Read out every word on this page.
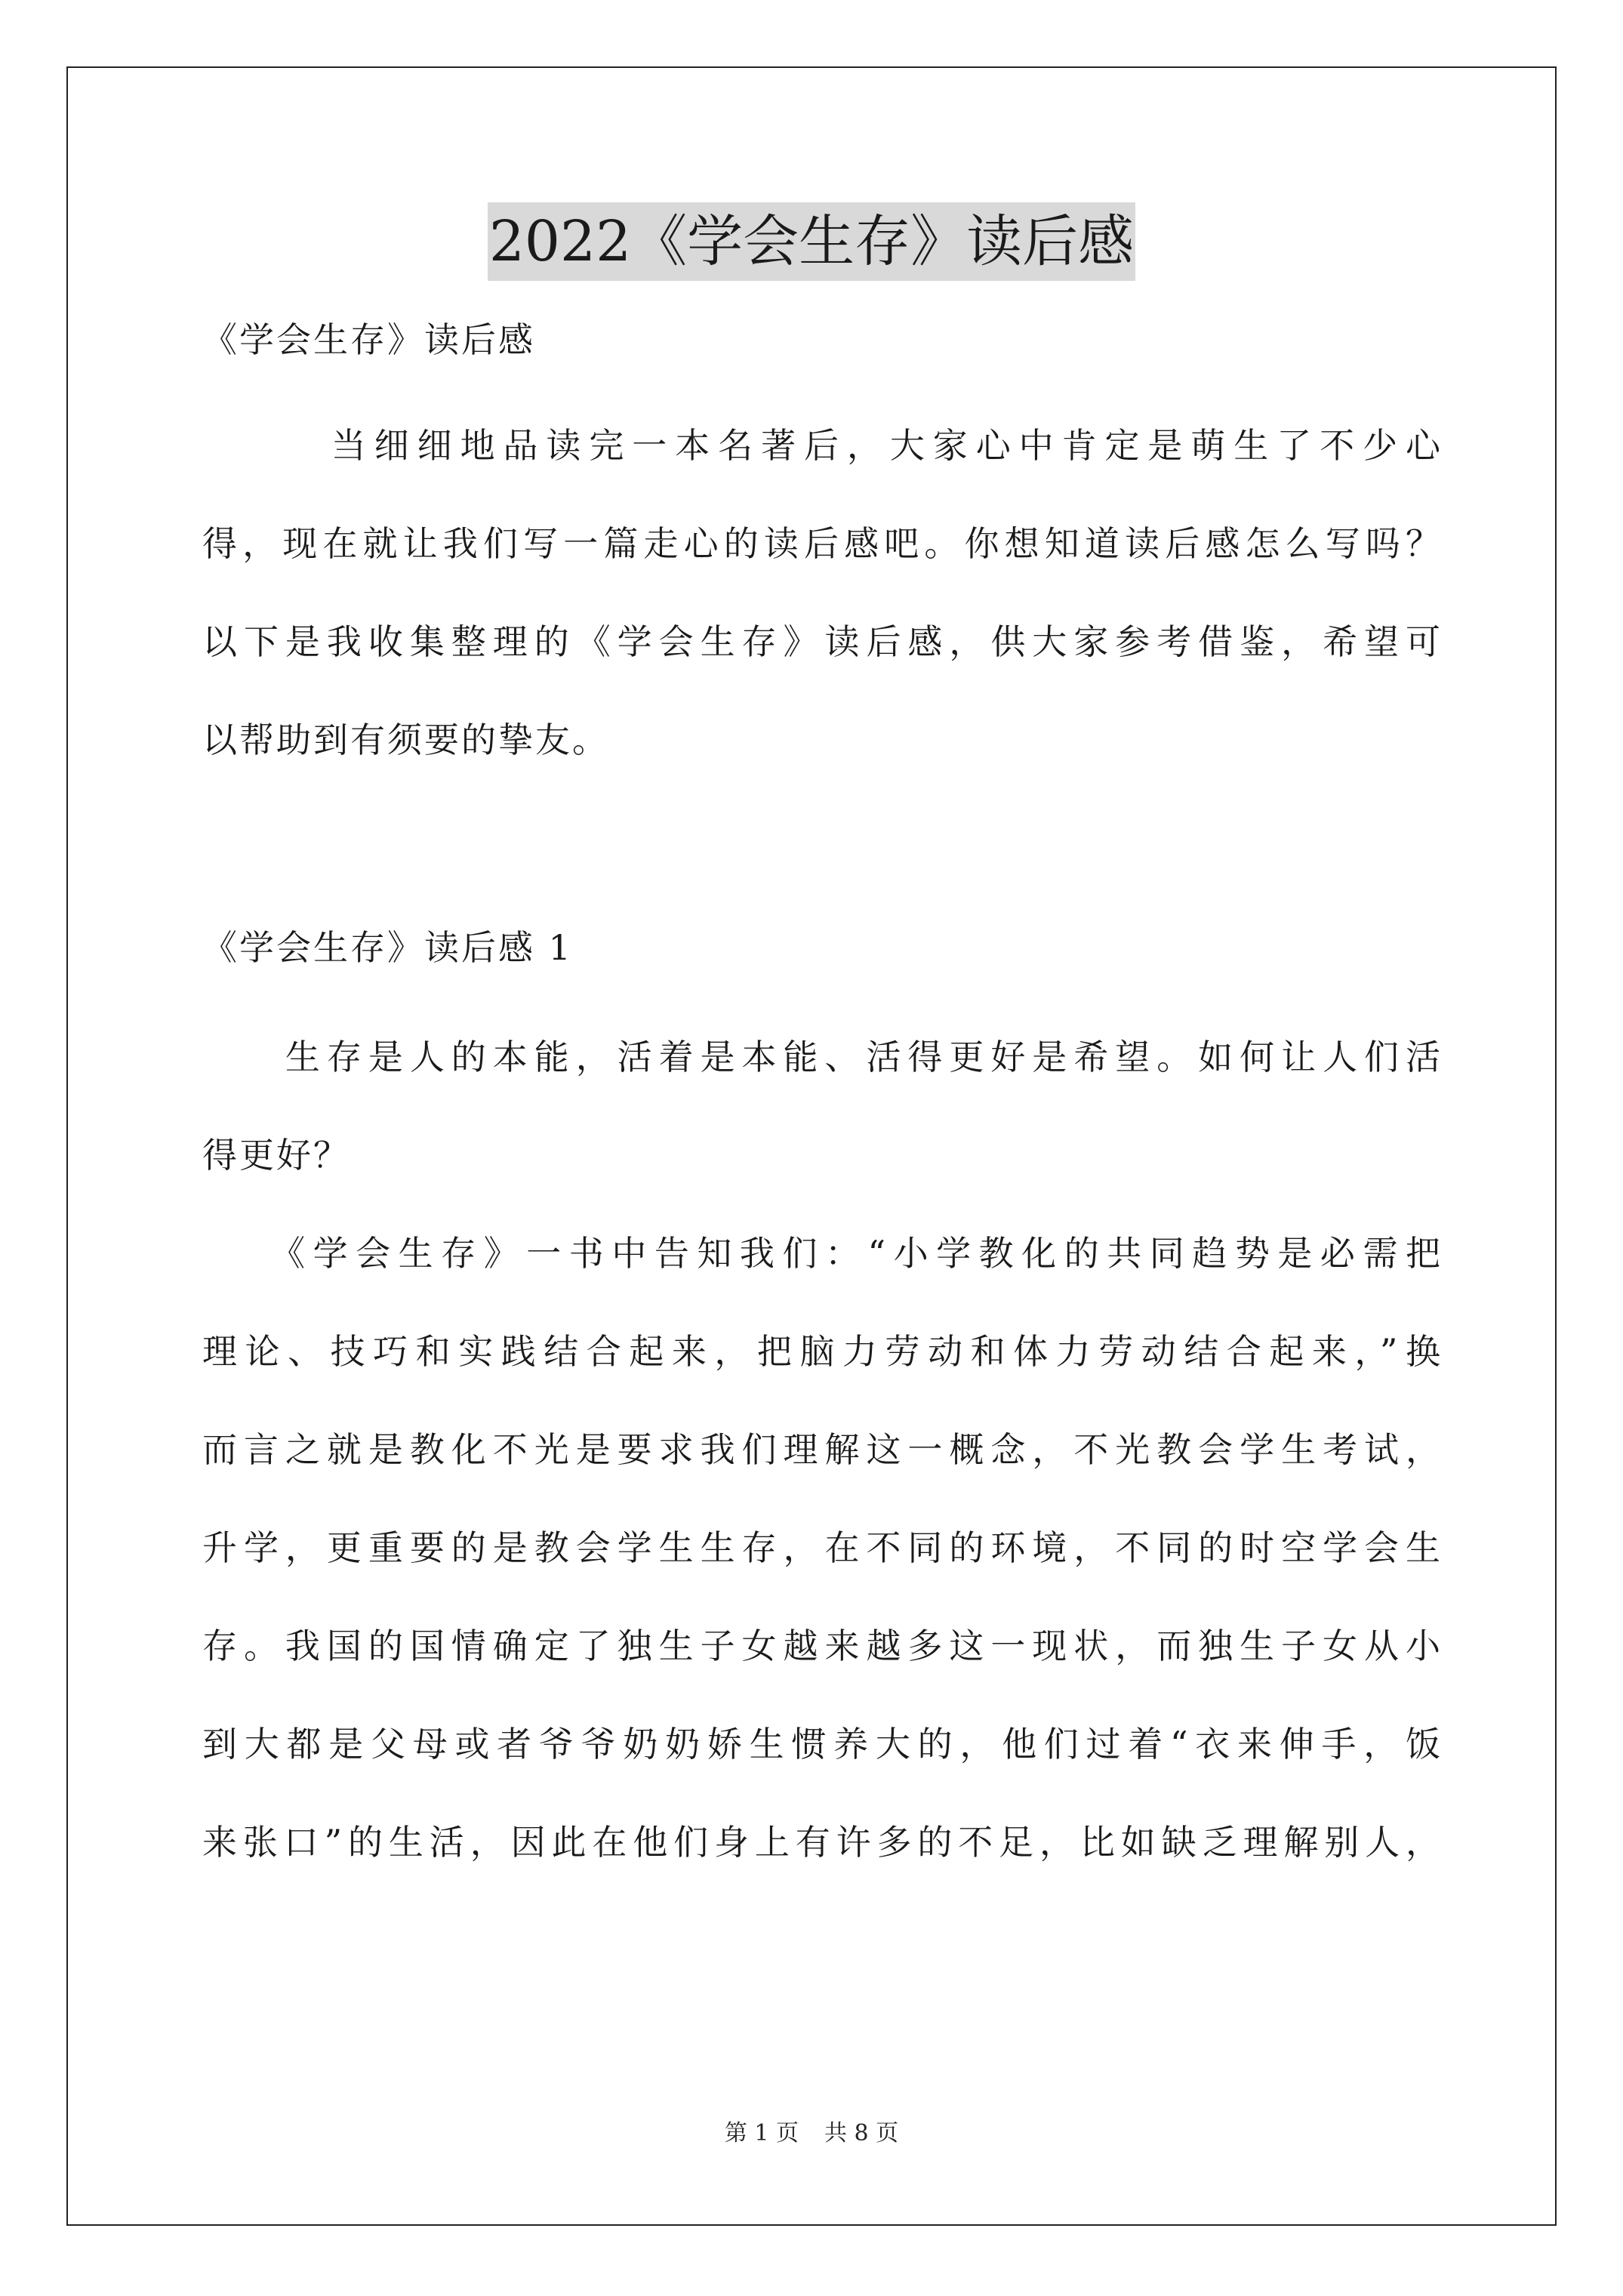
2022《学会生存》读后感
《学会生存》读后感
　　　当细细地品读完一本名著后，大家心中肯定是萌生了不少心
得，现在就让我们写一篇走心的读后感吧。你想知道读后感怎么写吗？
以下是我收集整理的《学会生存》读后感，供大家参考借鉴，希望可
以帮助到有须要的挚友。
《学会生存》读后感 1
　　生存是人的本能，活着是本能、活得更好是希望。如何让人们活
得更好？
　　《学会生存》一书中告知我们：“小学教化的共同趋势是必需把
理论、技巧和实践结合起来，把脑力劳动和体力劳动结合起来，”换
而言之就是教化不光是要求我们理解这一概念，不光教会学生考试，
升学，更重要的是教会学生生存，在不同的环境，不同的时空学会生
存。我国的国情确定了独生子女越来越多这一现状，而独生子女从小
到大都是父母或者爷爷奶奶娇生惯养大的，他们过着“衣来伸手，饭
来张口”的生活，因此在他们身上有许多的不足，比如缺乏理解别人，
第 1 页 共 8 页
